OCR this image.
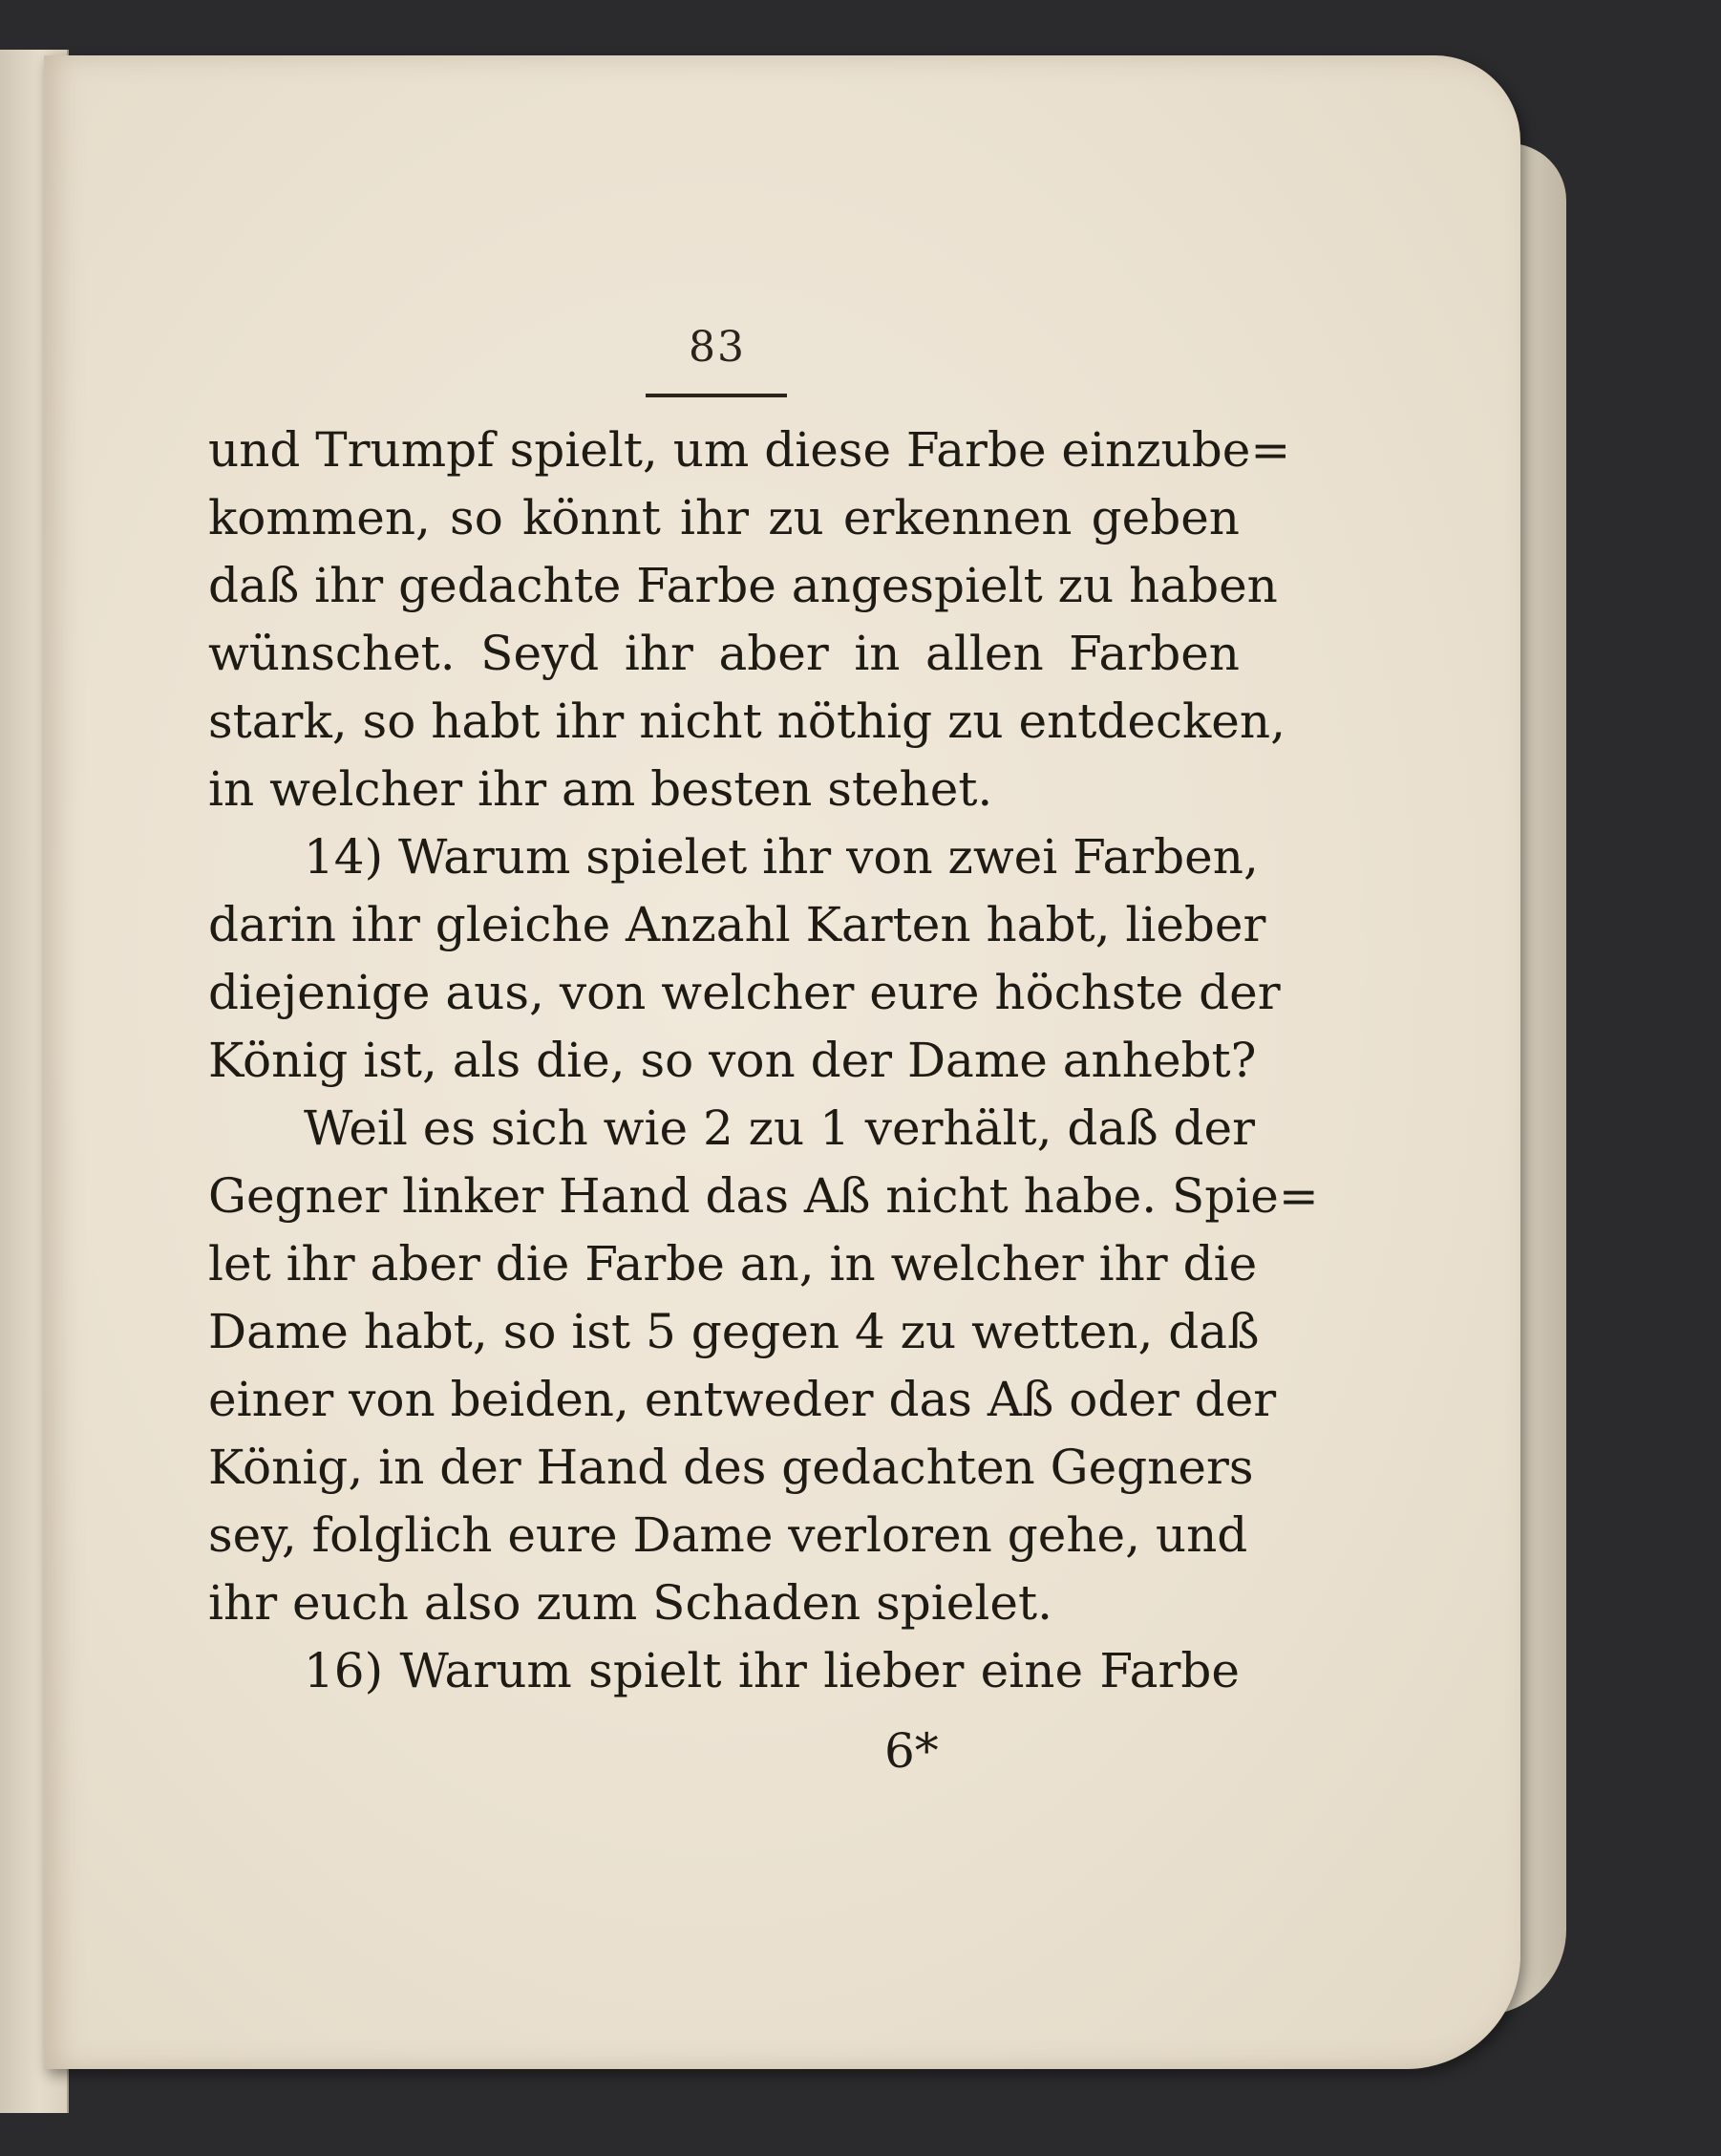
83
und Trumpf spielt, um diese Farbe einzube=
kommen, so könnt ihr zu erkennen geben
daß ihr gedachte Farbe angespielt zu haben
wünschet. Seyd ihr aber in allen Farben
stark, so habt ihr nicht nöthig zu entdecken,
in welcher ihr am besten stehet.
14) Warum spielet ihr von zwei Farben,
darin ihr gleiche Anzahl Karten habt, lieber
diejenige aus, von welcher eure höchste der
König ist, als die, so von der Dame anhebt?
Weil es sich wie 2 zu 1 verhält, daß der
Gegner linker Hand das Aß nicht habe. Spie=
let ihr aber die Farbe an, in welcher ihr die
Dame habt, so ist 5 gegen 4 zu wetten, daß
einer von beiden, entweder das Aß oder der
König, in der Hand des gedachten Gegners
sey, folglich eure Dame verloren gehe, und
ihr euch also zum Schaden spielet.
16) Warum spielt ihr lieber eine Farbe
6*
